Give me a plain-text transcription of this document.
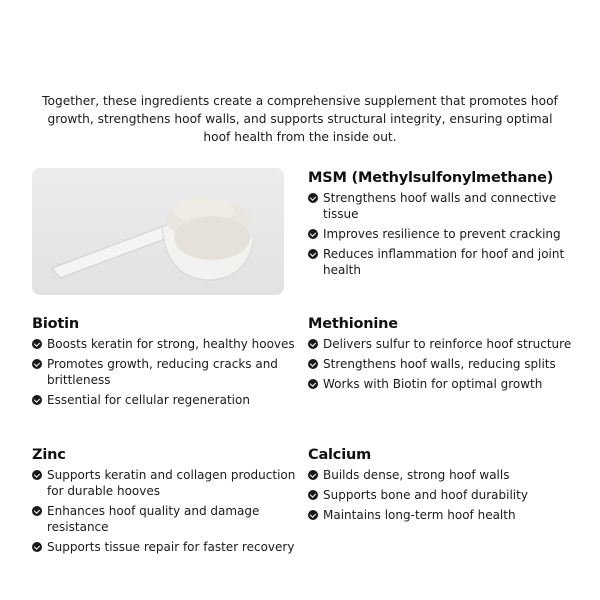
Together, these ingredients create a comprehensive supplement that promotes hoof growth, strengthens hoof walls, and supports structural integrity, ensuring optimal hoof health from the inside out.
MSM (Methylsulfonylmethane)
Strengthens hoof walls and connective tissue
Improves resilience to prevent cracking
Reduces inflammation for hoof and joint health
Biotin
Boosts keratin for strong, healthy hooves
Promotes growth, reducing cracks and brittleness
Essential for cellular regeneration
Methionine
Delivers sulfur to reinforce hoof structure
Strengthens hoof walls, reducing splits
Works with Biotin for optimal growth
Zinc
Supports keratin and collagen production for durable hooves
Enhances hoof quality and damage resistance
Supports tissue repair for faster recovery
Calcium
Builds dense, strong hoof walls
Supports bone and hoof durability
Maintains long-term hoof health
